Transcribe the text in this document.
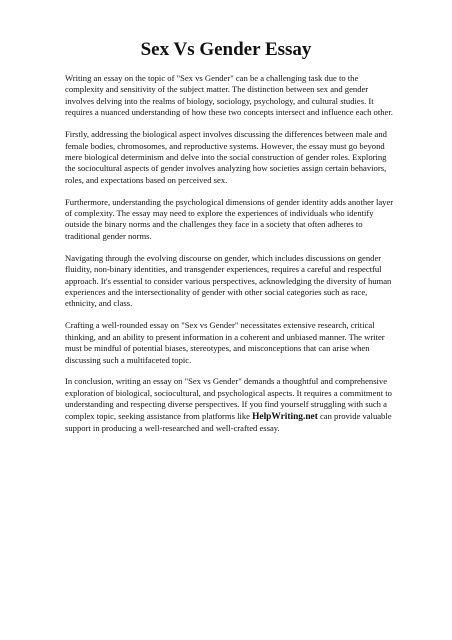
Sex Vs Gender Essay

Writing an essay on the topic of "Sex vs Gender" can be a challenging task due to the complexity and sensitivity of the subject matter. The distinction between sex and gender involves delving into the realms of biology, sociology, psychology, and cultural studies. It requires a nuanced understanding of how these two concepts intersect and influence each other.

Firstly, addressing the biological aspect involves discussing the differences between male and female bodies, chromosomes, and reproductive systems. However, the essay must go beyond mere biological determinism and delve into the social construction of gender roles. Exploring the sociocultural aspects of gender involves analyzing how societies assign certain behaviors, roles, and expectations based on perceived sex.

Furthermore, understanding the psychological dimensions of gender identity adds another layer of complexity. The essay may need to explore the experiences of individuals who identify outside the binary norms and the challenges they face in a society that often adheres to traditional gender norms.

Navigating through the evolving discourse on gender, which includes discussions on gender fluidity, non-binary identities, and transgender experiences, requires a careful and respectful approach. It's essential to consider various perspectives, acknowledging the diversity of human experiences and the intersectionality of gender with other social categories such as race, ethnicity, and class.

Crafting a well-rounded essay on "Sex vs Gender" necessitates extensive research, critical thinking, and an ability to present information in a coherent and unbiased manner. The writer must be mindful of potential biases, stereotypes, and misconceptions that can arise when discussing such a multifaceted topic.

In conclusion, writing an essay on "Sex vs Gender" demands a thoughtful and comprehensive exploration of biological, sociocultural, and psychological aspects. It requires a commitment to understanding and respecting diverse perspectives. If you find yourself struggling with such a complex topic, seeking assistance from platforms like HelpWriting.net can provide valuable support in producing a well-researched and well-crafted essay.
